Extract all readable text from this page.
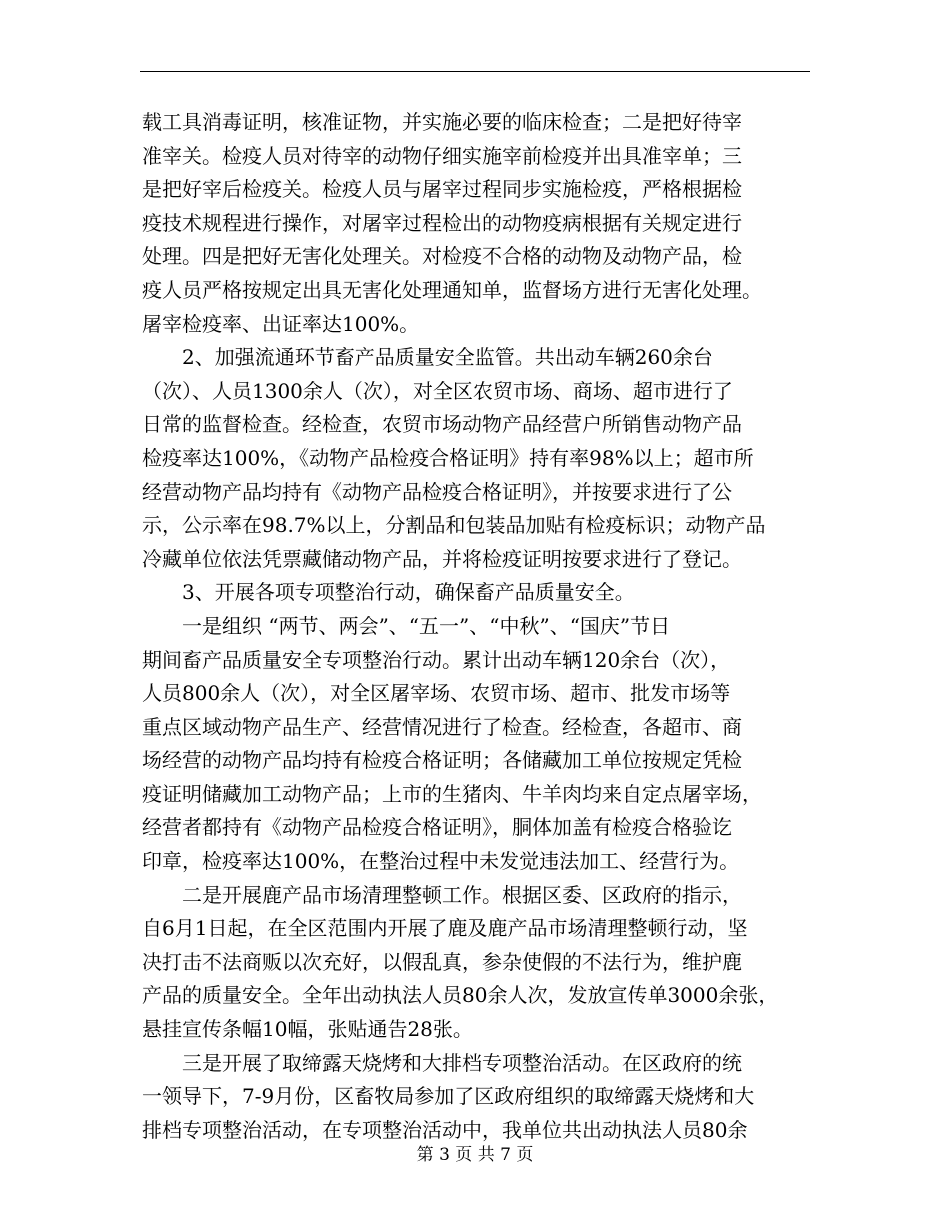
载工具消毒证明，核准证物，并实施必要的临床检查；二是把好待宰
准宰关。检疫人员对待宰的动物仔细实施宰前检疫并出具准宰单；三
是把好宰后检疫关。检疫人员与屠宰过程同步实施检疫，严格根据检
疫技术规程进行操作，对屠宰过程检出的动物疫病根据有关规定进行
处理。四是把好无害化处理关。对检疫不合格的动物及动物产品，检
疫人员严格按规定出具无害化处理通知单，监督场方进行无害化处理。
屠宰检疫率、出证率达100%。
　　2、加强流通环节畜产品质量安全监管。共出动车辆260余台
（次）、人员1300余人（次），对全区农贸市场、商场、超市进行了
日常的监督检查。经检查，农贸市场动物产品经营户所销售动物产品
检疫率达100%，《动物产品检疫合格证明》持有率98%以上；超市所
经营动物产品均持有《动物产品检疫合格证明》，并按要求进行了公
示，公示率在98.7%以上，分割品和包装品加贴有检疫标识；动物产品
冷藏单位依法凭票藏储动物产品，并将检疫证明按要求进行了登记。
　　3、开展各项专项整治行动，确保畜产品质量安全。
　　一是组织 “两节、两会”、“五一”、“中秋”、“国庆”节日
期间畜产品质量安全专项整治行动。累计出动车辆120余台（次），
人员800余人（次），对全区屠宰场、农贸市场、超市、批发市场等
重点区域动物产品生产、经营情况进行了检查。经检查，各超市、商
场经营的动物产品均持有检疫合格证明；各储藏加工单位按规定凭检
疫证明储藏加工动物产品；上市的生猪肉、牛羊肉均来自定点屠宰场，
经营者都持有《动物产品检疫合格证明》，胴体加盖有检疫合格验讫
印章，检疫率达100%，在整治过程中未发觉违法加工、经营行为。
　　二是开展鹿产品市场清理整顿工作。根据区委、区政府的指示，
自6月1日起，在全区范围内开展了鹿及鹿产品市场清理整顿行动，坚
决打击不法商贩以次充好，以假乱真，参杂使假的不法行为，维护鹿
产品的质量安全。全年出动执法人员80余人次，发放宣传单3000余张，
悬挂宣传条幅10幅，张贴通告28张。
　　三是开展了取缔露天烧烤和大排档专项整治活动。在区政府的统
一领导下，7-9月份，区畜牧局参加了区政府组织的取缔露天烧烤和大
排档专项整治活动，在专项整治活动中，我单位共出动执法人员80余
第 3 页 共 7 页
